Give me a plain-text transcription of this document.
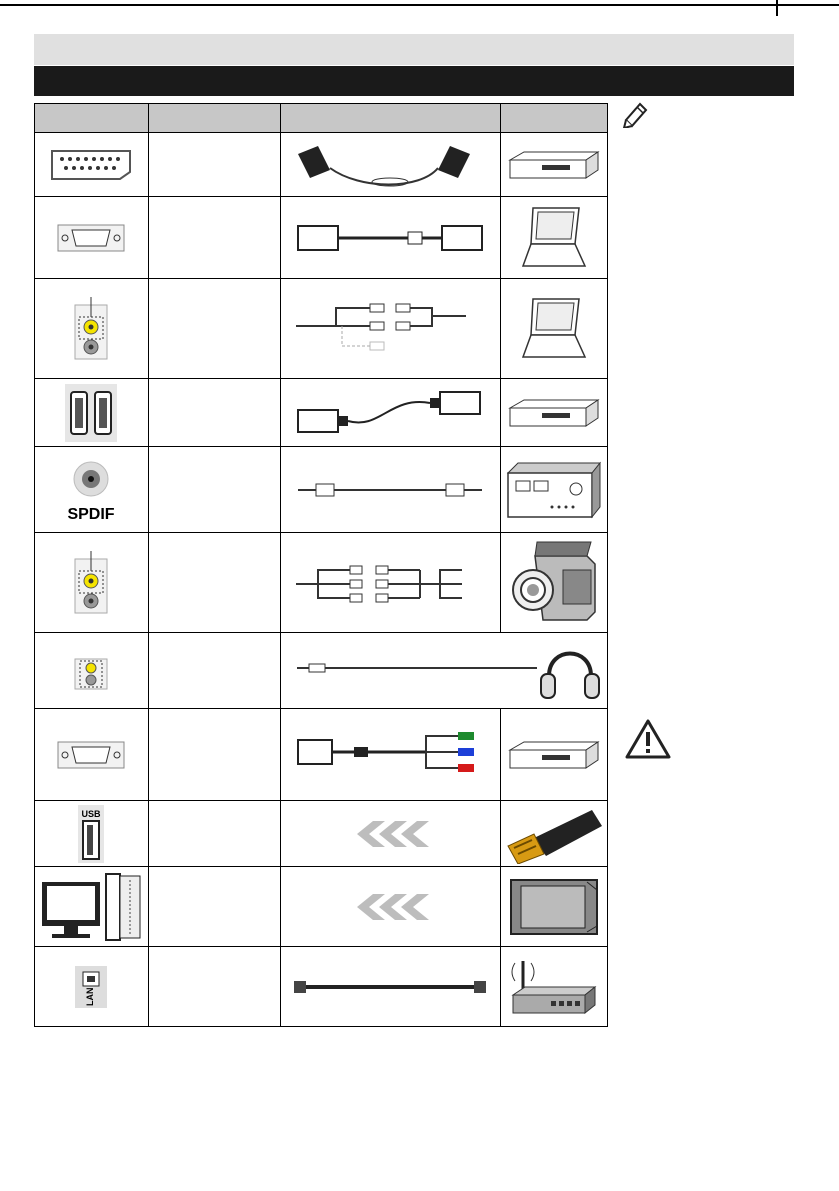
SPDIF

USB

LAN
